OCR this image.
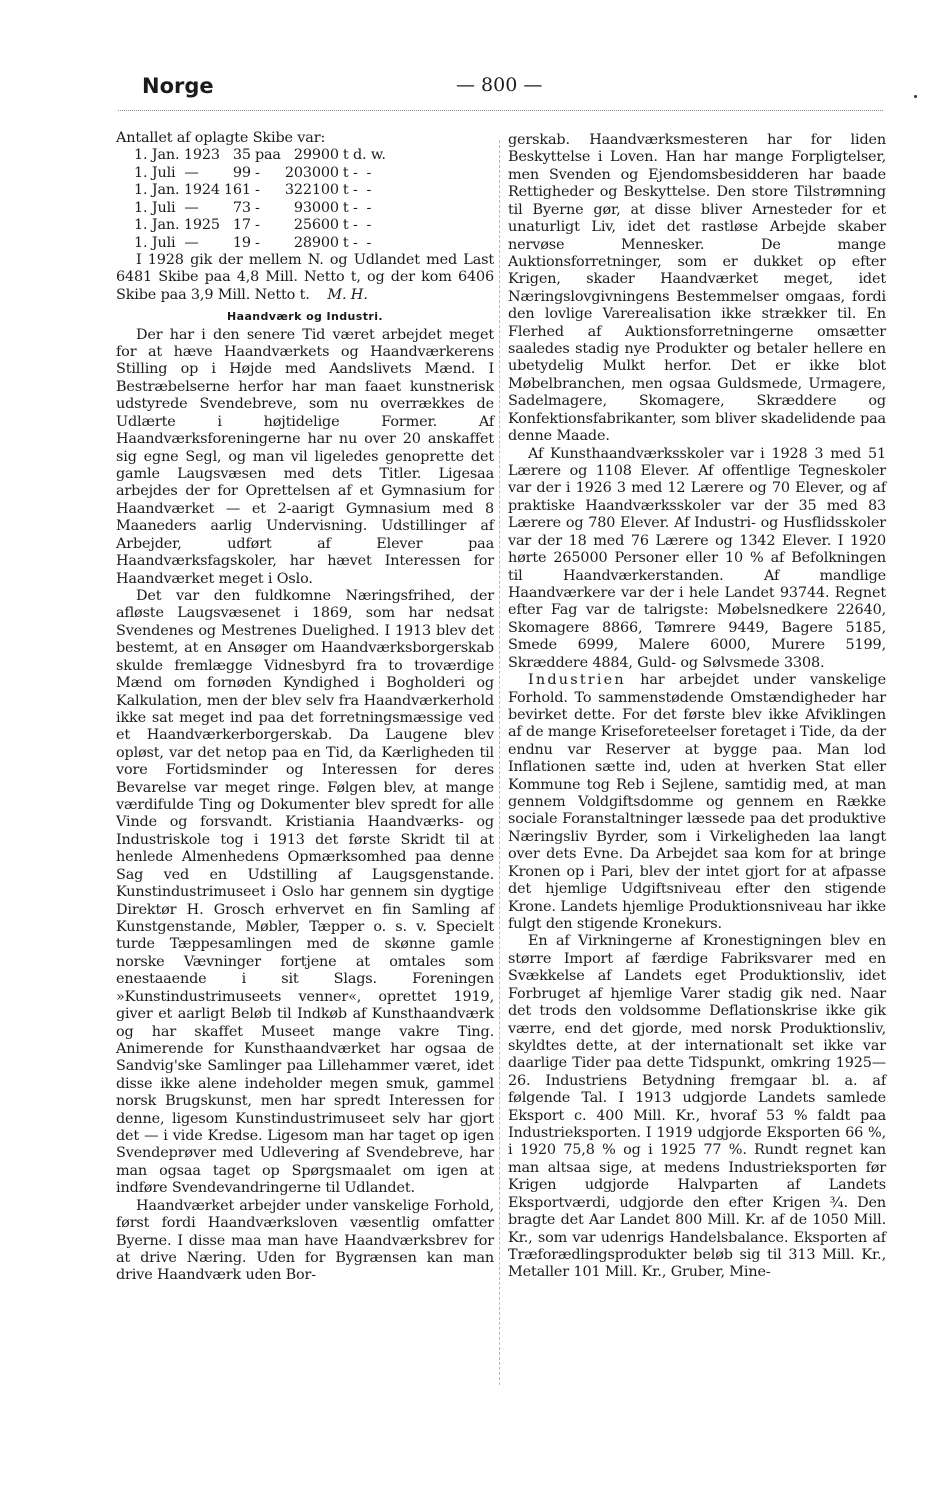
Norge	— 800 —

Antallet af oplagte Skibe var:

1. Jan. 1923	35	paa	29900	t d. w.
1. Juli  —	99	-	203000	t -  -
1. Jan. 1924	161	-	322100	t -  -
1. Juli  —	73	-	93000	t -  -
1. Jan. 1925	17	-	25600	t -  -
1. Juli  —	19	-	28900	t -  -

I 1928 gik der mellem N. og Udlandet med Last 6481 Skibe paa 4,8 Mill. Netto t, og der kom 6406 Skibe paa 3,9 Mill. Netto t. M. H.

Haandværk og Industri.

Der har i den senere Tid været arbejdet meget for at hæve Haandværkets og Haandværkerens Stilling op i Højde med Aandslivets Mænd. I Bestræbelserne herfor har man faaet kunstnerisk udstyrede Svendebreve, som nu overrækkes de Udlærte i højtidelige Former. Af Haandværksforeningerne har nu over 20 anskaffet sig egne Segl, og man vil ligeledes genoprette det gamle Laugsvæsen med dets Titler. Ligesaa arbejdes der for Oprettelsen af et Gymnasium for Haandværket — et 2-aarigt Gymnasium med 8 Maaneders aarlig Undervisning. Udstillinger af Arbejder, udført af Elever paa Haandværksfagskoler, har hævet Interessen for Haandværket meget i Oslo.

Det var den fuldkomne Næringsfrihed, der afløste Laugsvæsenet i 1869, som har nedsat Svendenes og Mestrenes Duelighed. I 1913 blev det bestemt, at en Ansøger om Haandværksborgerskab skulde fremlægge Vidnesbyrd fra to troværdige Mænd om fornøden Kyndighed i Bogholderi og Kalkulation, men der blev selv fra Haandværkerhold ikke sat meget ind paa det forretningsmæssige ved et Haandværkerborgerskab. Da Laugene blev opløst, var det netop paa en Tid, da Kærligheden til vore Fortidsminder og Interessen for deres Bevarelse var meget ringe. Følgen blev, at mange værdifulde Ting og Dokumenter blev spredt for alle Vinde og forsvandt. Kristiania Haandværks- og Industriskole tog i 1913 det første Skridt til at henlede Almenhedens Opmærksomhed paa denne Sag ved en Udstilling af Laugsgenstande. Kunstindustrimuseet i Oslo har gennem sin dygtige Direktør H. Grosch erhvervet en fin Samling af Kunstgenstande, Møbler, Tæpper o. s. v. Specielt turde Tæppesamlingen med de skønne gamle norske Vævninger fortjene at omtales som enestaaende i sit Slags. Foreningen »Kunstindustrimuseets venner«, oprettet 1919, giver et aarligt Beløb til Indkøb af Kunsthaandværk og har skaffet Museet mange vakre Ting. Animerende for Kunsthaandværket har ogsaa de Sandvig'ske Samlinger paa Lillehammer været, idet disse ikke alene indeholder megen smuk, gammel norsk Brugskunst, men har spredt Interessen for denne, ligesom Kunstindustrimuseet selv har gjort det — i vide Kredse. Ligesom man har taget op igen Svendeprøver med Udlevering af Svendebreve, har man ogsaa taget op Spørgsmaalet om igen at indføre Svendevandringerne til Udlandet.

Haandværket arbejder under vanskelige Forhold, først fordi Haandværksloven væsentlig omfatter Byerne. I disse maa man have Haandværksbrev for at drive Næring. Uden for Bygrænsen kan man drive Haandværk uden Bor-

gerskab. Haandværksmesteren har for liden Beskyttelse i Loven. Han har mange Forpligtelser, men Svenden og Ejendomsbesidderen har baade Rettigheder og Beskyttelse. Den store Tilstrømning til Byerne gør, at disse bliver Arnesteder for et unaturligt Liv, idet det rastløse Arbejde skaber nervøse Mennesker. De mange Auktionsforretninger, som er dukket op efter Krigen, skader Haandværket meget, idet Næringslovgivningens Bestemmelser omgaas, fordi den lovlige Varerealisation ikke strækker til. En Flerhed af Auktionsforretningerne omsætter saaledes stadig nye Produkter og betaler hellere en ubetydelig Mulkt herfor. Det er ikke blot Møbelbranchen, men ogsaa Guldsmede, Urmagere, Sadelmagere, Skomagere, Skræddere og Konfektionsfabrikanter, som bliver skadelidende paa denne Maade.

Af Kunsthaandværksskoler var i 1928 3 med 51 Lærere og 1108 Elever. Af offentlige Tegneskoler var der i 1926 3 med 12 Lærere og 70 Elever, og af praktiske Haandværksskoler var der 35 med 83 Lærere og 780 Elever. Af Industri- og Husflidsskoler var der 18 med 76 Lærere og 1342 Elever. I 1920 hørte 265000 Personer eller 10 % af Befolkningen til Haandværkerstanden. Af mandlige Haandværkere var der i hele Landet 93744. Regnet efter Fag var de talrigste: Møbelsnedkere 22640, Skomagere 8866, Tømrere 9449, Bagere 5185, Smede 6999, Malere 6000, Murere 5199, Skræddere 4884, Guld- og Sølvsmede 3308.

Industrien har arbejdet under vanskelige Forhold. To sammenstødende Omstændigheder har bevirket dette. For det første blev ikke Afviklingen af de mange Kriseforeteelser foretaget i Tide, da der endnu var Reserver at bygge paa. Man lod Inflationen sætte ind, uden at hverken Stat eller Kommune tog Reb i Sejlene, samtidig med, at man gennem Voldgiftsdomme og gennem en Række sociale Foranstaltninger læssede paa det produktive Næringsliv Byrder, som i Virkeligheden laa langt over dets Evne. Da Arbejdet saa kom for at bringe Kronen op i Pari, blev der intet gjort for at afpasse det hjemlige Udgiftsniveau efter den stigende Krone. Landets hjemlige Produktionsniveau har ikke fulgt den stigende Kronekurs.

En af Virkningerne af Kronestigningen blev en større Import af færdige Fabriksvarer med en Svækkelse af Landets eget Produktionsliv, idet Forbruget af hjemlige Varer stadig gik ned. Naar det trods den voldsomme Deflationskrise ikke gik værre, end det gjorde, med norsk Produktionsliv, skyldtes dette, at der internationalt set ikke var daarlige Tider paa dette Tidspunkt, omkring 1925—26. Industriens Betydning fremgaar bl. a. af følgende Tal. I 1913 udgjorde Landets samlede Eksport c. 400 Mill. Kr., hvoraf 53 % faldt paa Industrieksporten. I 1919 udgjorde Eksporten 66 %, i 1920 75,8 % og i 1925 77 %. Rundt regnet kan man altsaa sige, at medens Industrieksporten før Krigen udgjorde Halvparten af Landets Eksportværdi, udgjorde den efter Krigen ¾. Den bragte det Aar Landet 800 Mill. Kr. af de 1050 Mill. Kr., som var udenrigs Handelsbalance. Eksporten af Træforædlingsprodukter beløb sig til 313 Mill. Kr., Metaller 101 Mill. Kr., Gruber, Mine-
